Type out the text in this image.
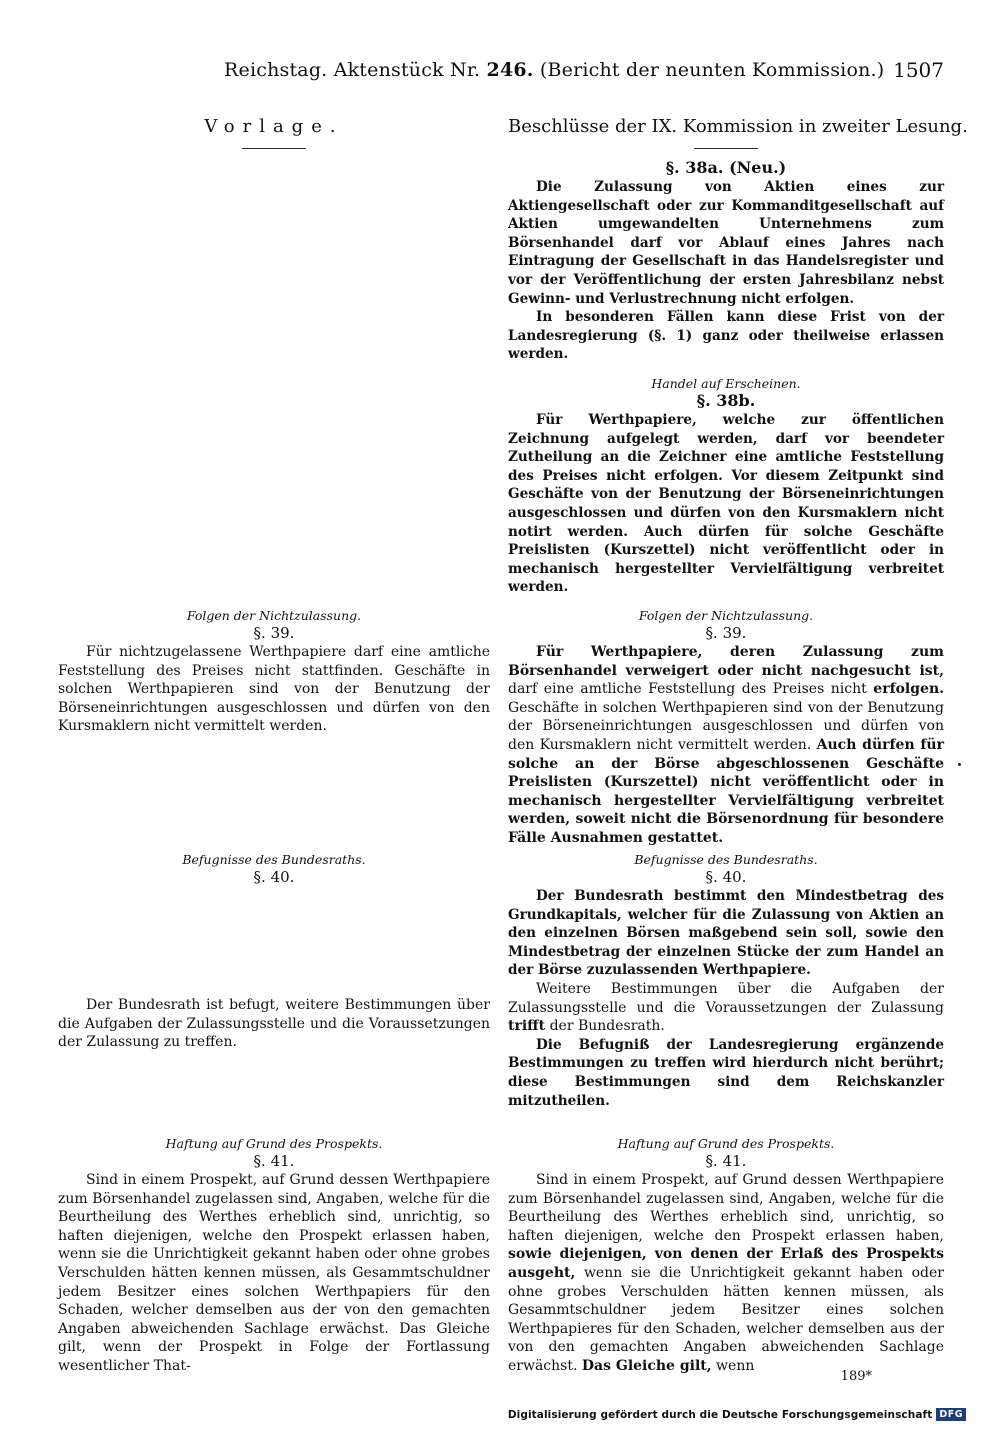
Reichstag. Aktenstück Nr. 246. (Bericht der neunten Kommission.) 1507
Vorlage.
Folgen der Nichtzulassung.
§. 39.
Für nichtzugelassene Werthpapiere darf eine amtliche Feststellung des Preises nicht stattfinden. Geschäfte in solchen Werthpapieren sind von der Benutzung der Börseneinrichtungen ausgeschlossen und dürfen von den Kursmaklern nicht vermittelt werden.
Befugnisse des Bundesraths.
§. 40.
Der Bundesrath ist befugt, weitere Bestimmungen über die Aufgaben der Zulassungsstelle und die Voraussetzungen der Zulassung zu treffen.
Haftung auf Grund des Prospekts.
§. 41.
Sind in einem Prospekt, auf Grund dessen Werthpapiere zum Börsenhandel zugelassen sind, Angaben, welche für die Beurtheilung des Werthes erheblich sind, unrichtig, so haften diejenigen, welche den Prospekt erlassen haben, wenn sie die Unrichtigkeit gekannt haben oder ohne grobes Verschulden hätten kennen müssen, als Gesammtschuldner jedem Besitzer eines solchen Werthpapiers für den Schaden, welcher demselben aus der von den gemachten Angaben abweichenden Sachlage erwächst. Das Gleiche gilt, wenn der Prospekt in Folge der Fortlassung wesentlicher That-
Beschlüsse der IX. Kommission in zweiter Lesung.
§. 38a. (Neu.)
Die Zulassung von Aktien eines zur Aktiengesellschaft oder zur Kommanditgesellschaft auf Aktien umgewandelten Unternehmens zum Börsenhandel darf vor Ablauf eines Jahres nach Eintragung der Gesellschaft in das Handelsregister und vor der Veröffentlichung der ersten Jahresbilanz nebst Gewinn- und Verlustrechnung nicht erfolgen.
In besonderen Fällen kann diese Frist von der Landesregierung (§. 1) ganz oder theilweise erlassen werden.
Handel auf Erscheinen.
§. 38b.
Für Werthpapiere, welche zur öffentlichen Zeichnung aufgelegt werden, darf vor beendeter Zutheilung an die Zeichner eine amtliche Feststellung des Preises nicht erfolgen. Vor diesem Zeitpunkt sind Geschäfte von der Benutzung der Börseneinrichtungen ausgeschlossen und dürfen von den Kursmaklern nicht notirt werden. Auch dürfen für solche Geschäfte Preislisten (Kurszettel) nicht veröffentlicht oder in mechanisch hergestellter Vervielfältigung verbreitet werden.
Folgen der Nichtzulassung.
§. 39.
Für Werthpapiere, deren Zulassung zum Börsenhandel verweigert oder nicht nachgesucht ist, darf eine amtliche Feststellung des Preises nicht erfolgen. Geschäfte in solchen Werthpapieren sind von der Benutzung der Börseneinrichtungen ausgeschlossen und dürfen von den Kursmaklern nicht vermittelt werden. Auch dürfen für solche an der Börse abgeschlossenen Geschäfte Preislisten (Kurszettel) nicht veröffentlicht oder in mechanisch hergestellter Vervielfältigung verbreitet werden, soweit nicht die Börsenordnung für besondere Fälle Ausnahmen gestattet.
Befugnisse des Bundesraths.
§. 40.
Der Bundesrath bestimmt den Mindestbetrag des Grundkapitals, welcher für die Zulassung von Aktien an den einzelnen Börsen maßgebend sein soll, sowie den Mindestbetrag der einzelnen Stücke der zum Handel an der Börse zuzulassenden Werthpapiere.
Weitere Bestimmungen über die Aufgaben der Zulassungsstelle und die Voraussetzungen der Zulassung trifft der Bundesrath.
Die Befugniß der Landesregierung ergänzende Bestimmungen zu treffen wird hierdurch nicht berührt; diese Bestimmungen sind dem Reichskanzler mitzutheilen.
Haftung auf Grund des Prospekts.
§. 41.
Sind in einem Prospekt, auf Grund dessen Werthpapiere zum Börsenhandel zugelassen sind, Angaben, welche für die Beurtheilung des Werthes erheblich sind, unrichtig, so haften diejenigen, welche den Prospekt erlassen haben, sowie diejenigen, von denen der Erlaß des Prospekts ausgeht, wenn sie die Unrichtigkeit gekannt haben oder ohne grobes Verschulden hätten kennen müssen, als Gesammtschuldner jedem Besitzer eines solchen Werthpapieres für den Schaden, welcher demselben aus der von den gemachten Angaben abweichenden Sachlage erwächst. Das Gleiche gilt, wenn
189*
Digitalisierung gefördert durch die Deutsche Forschungsgemeinschaft DFG
